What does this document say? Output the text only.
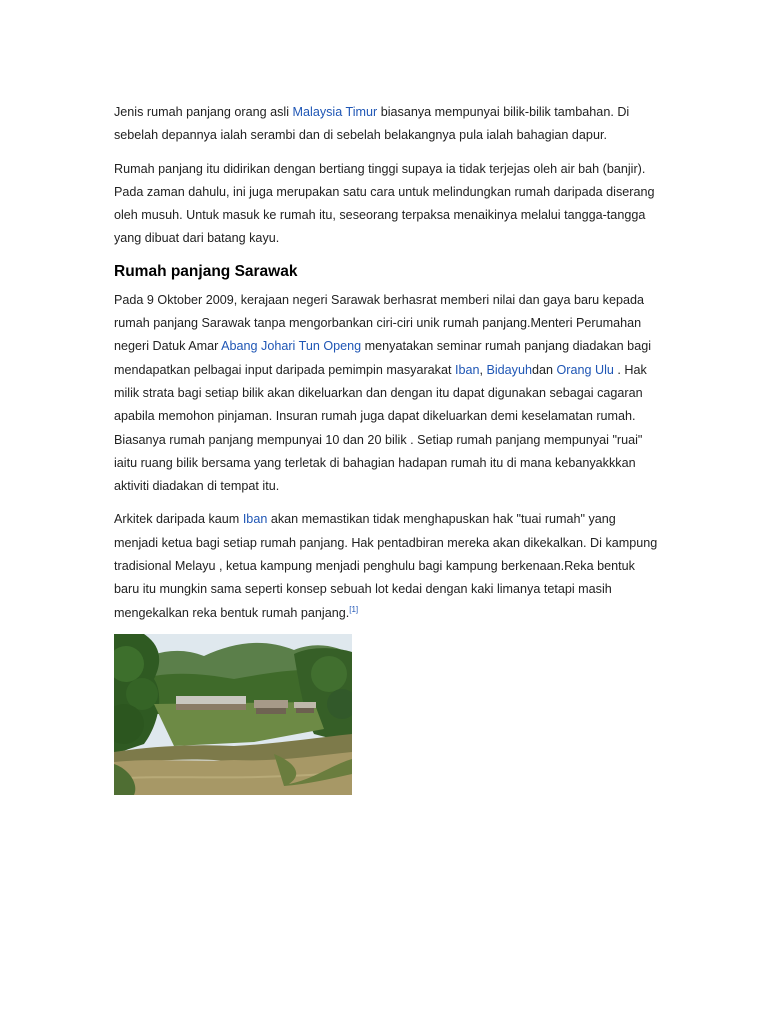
Jenis rumah panjang orang asli Malaysia Timur biasanya mempunyai bilik-bilik tambahan. Di sebelah depannya ialah serambi dan di sebelah belakangnya pula ialah bahagian dapur.

Rumah panjang itu didirikan dengan bertiang tinggi supaya ia tidak terjejas oleh air bah (banjir). Pada zaman dahulu, ini juga merupakan satu cara untuk melindungkan rumah daripada diserang oleh musuh. Untuk masuk ke rumah itu, seseorang terpaksa menaikinya melalui tangga-tangga yang dibuat dari batang kayu.

Rumah panjang Sarawak

Pada 9 Oktober 2009, kerajaan negeri Sarawak berhasrat memberi nilai dan gaya baru kepada rumah panjang Sarawak tanpa mengorbankan ciri-ciri unik rumah panjang.Menteri Perumahan negeri Datuk Amar Abang Johari Tun Openg menyatakan seminar rumah panjang diadakan bagi mendapatkan pelbagai input daripada pemimpin masyarakat Iban, Bidayuhdan Orang Ulu . Hak milik strata bagi setiap bilik akan dikeluarkan dan dengan itu dapat digunakan sebagai cagaran apabila memohon pinjaman. Insuran rumah juga dapat dikeluarkan demi keselamatan rumah. Biasanya rumah panjang mempunyai 10 dan 20 bilik . Setiap rumah panjang mempunyai "ruai" iaitu ruang bilik bersama yang terletak di bahagian hadapan rumah itu di mana kebanyakkkan aktiviti diadakan di tempat itu.

Arkitek daripada kaum Iban akan memastikan tidak menghapuskan hak "tuai rumah" yang menjadi ketua bagi setiap rumah panjang. Hak pentadbiran mereka akan dikekalkan. Di kampung tradisional Melayu , ketua kampung menjadi penghulu bagi kampung berkenaan.Reka bentuk baru itu mungkin sama seperti konsep sebuah lot kedai dengan kaki limanya tetapi masih mengekalkan reka bentuk rumah panjang.[1]
